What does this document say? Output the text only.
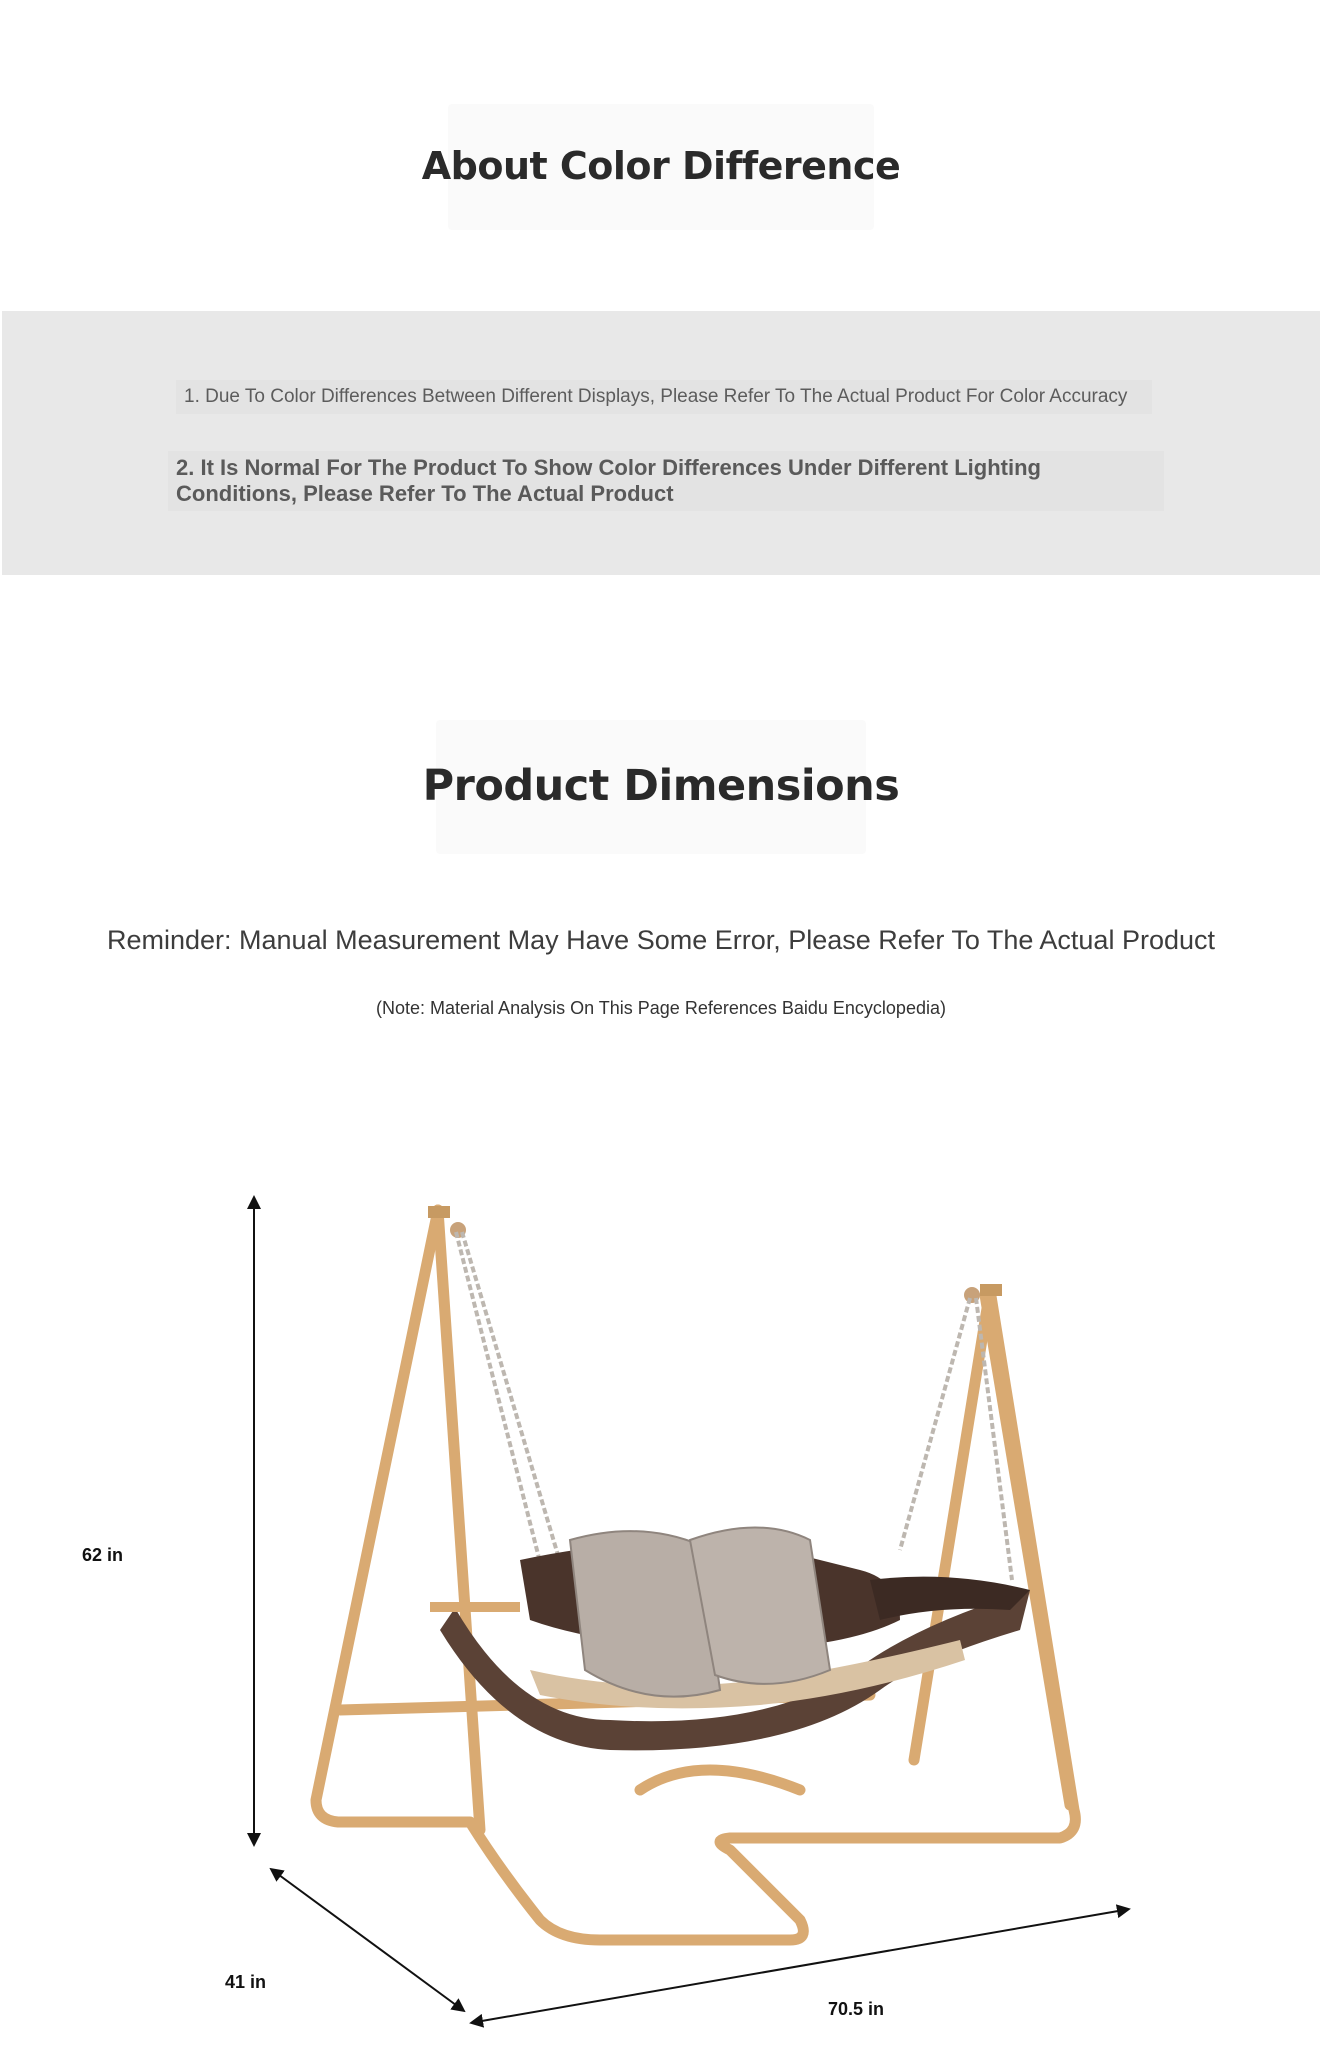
About Color Difference
1. Due To Color Differences Between Different Displays, Please Refer To The Actual Product For Color Accuracy
2. It Is Normal For The Product To Show Color Differences Under Different Lighting Conditions, Please Refer To The Actual Product
Product Dimensions
Reminder: Manual Measurement May Have Some Error, Please Refer To The Actual Product
(Note: Material Analysis On This Page References Baidu Encyclopedia)
62 in
41 in
70.5 in
